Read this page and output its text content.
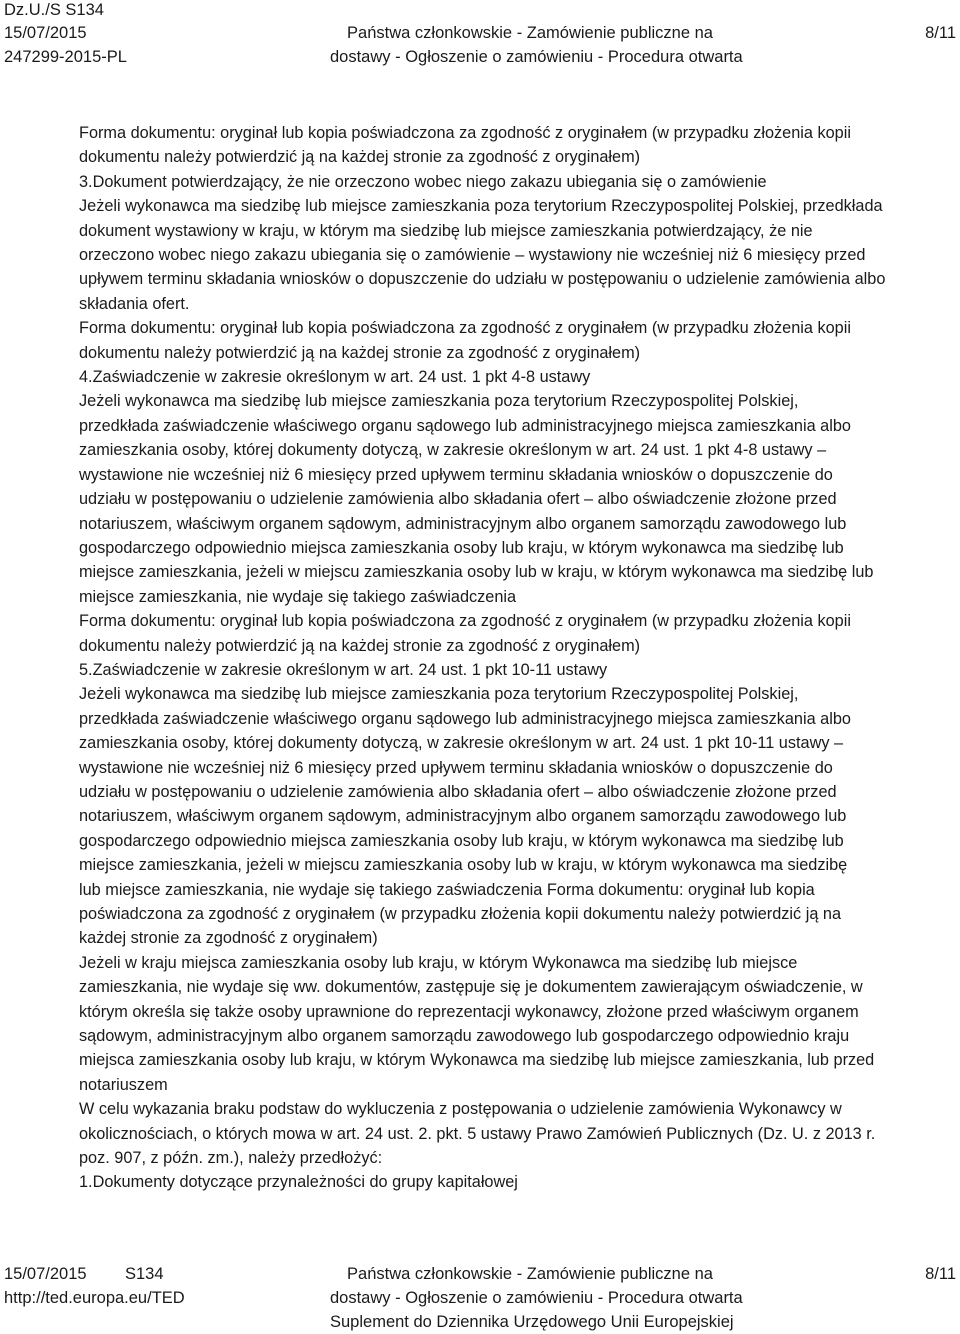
Dz.U./S S134
15/07/2015
247299-2015-PL
Państwa członkowskie - Zamówienie publiczne na
dostawy - Ogłoszenie o zamówieniu - Procedura otwarta
8/11

Forma dokumentu: oryginał lub kopia poświadczona za zgodność z oryginałem (w przypadku złożenia kopii

dokumentu należy potwierdzić ją na każdej stronie za zgodność z oryginałem)

3.Dokument potwierdzający, że nie orzeczono wobec niego zakazu ubiegania się o zamówienie

Jeżeli wykonawca ma siedzibę lub miejsce zamieszkania poza terytorium Rzeczypospolitej Polskiej, przedkłada

dokument wystawiony w kraju, w którym ma siedzibę lub miejsce zamieszkania potwierdzający, że nie

orzeczono wobec niego zakazu ubiegania się o zamówienie – wystawiony nie wcześniej niż 6 miesięcy przed

upływem terminu składania wniosków o dopuszczenie do udziału w postępowaniu o udzielenie zamówienia albo

składania ofert.

Forma dokumentu: oryginał lub kopia poświadczona za zgodność z oryginałem (w przypadku złożenia kopii

dokumentu należy potwierdzić ją na każdej stronie za zgodność z oryginałem)

4.Zaświadczenie w zakresie określonym w art. 24 ust. 1 pkt 4-8 ustawy

Jeżeli wykonawca ma siedzibę lub miejsce zamieszkania poza terytorium Rzeczypospolitej Polskiej,

przedkłada zaświadczenie właściwego organu sądowego lub administracyjnego miejsca zamieszkania albo

zamieszkania osoby, której dokumenty dotyczą, w zakresie określonym w art. 24 ust. 1 pkt 4-8 ustawy –

wystawione nie wcześniej niż 6 miesięcy przed upływem terminu składania wniosków o dopuszczenie do

udziału w postępowaniu o udzielenie zamówienia albo składania ofert – albo oświadczenie złożone przed

notariuszem, właściwym organem sądowym, administracyjnym albo organem samorządu zawodowego lub

gospodarczego odpowiednio miejsca zamieszkania osoby lub kraju, w którym wykonawca ma siedzibę lub

miejsce zamieszkania, jeżeli w miejscu zamieszkania osoby lub w kraju, w którym wykonawca ma siedzibę lub

miejsce zamieszkania, nie wydaje się takiego zaświadczenia

Forma dokumentu: oryginał lub kopia poświadczona za zgodność z oryginałem (w przypadku złożenia kopii

dokumentu należy potwierdzić ją na każdej stronie za zgodność z oryginałem)

5.Zaświadczenie w zakresie określonym w art. 24 ust. 1 pkt 10-11 ustawy

Jeżeli wykonawca ma siedzibę lub miejsce zamieszkania poza terytorium Rzeczypospolitej Polskiej,

przedkłada zaświadczenie właściwego organu sądowego lub administracyjnego miejsca zamieszkania albo

zamieszkania osoby, której dokumenty dotyczą, w zakresie określonym w art. 24 ust. 1 pkt 10-11 ustawy –

wystawione nie wcześniej niż 6 miesięcy przed upływem terminu składania wniosków o dopuszczenie do

udziału w postępowaniu o udzielenie zamówienia albo składania ofert – albo oświadczenie złożone przed

notariuszem, właściwym organem sądowym, administracyjnym albo organem samorządu zawodowego lub

gospodarczego odpowiednio miejsca zamieszkania osoby lub kraju, w którym wykonawca ma siedzibę lub

miejsce zamieszkania, jeżeli w miejscu zamieszkania osoby lub w kraju, w którym wykonawca ma siedzibę

lub miejsce zamieszkania, nie wydaje się takiego zaświadczenia Forma dokumentu: oryginał lub kopia

poświadczona za zgodność z oryginałem (w przypadku złożenia kopii dokumentu należy potwierdzić ją na

każdej stronie za zgodność z oryginałem)

Jeżeli w kraju miejsca zamieszkania osoby lub kraju, w którym Wykonawca ma siedzibę lub miejsce

zamieszkania, nie wydaje się ww. dokumentów, zastępuje się je dokumentem zawierającym oświadczenie, w

którym określa się także osoby uprawnione do reprezentacji wykonawcy, złożone przed właściwym organem

sądowym, administracyjnym albo organem samorządu zawodowego lub gospodarczego odpowiednio kraju

miejsca zamieszkania osoby lub kraju, w którym Wykonawca ma siedzibę lub miejsce zamieszkania, lub przed

notariuszem

W celu wykazania braku podstaw do wykluczenia z postępowania o udzielenie zamówienia Wykonawcy w

okolicznościach, o których mowa w art. 24 ust. 2. pkt. 5 ustawy Prawo Zamówień Publicznych (Dz. U. z 2013 r.

poz. 907, z późn. zm.), należy przedłożyć:

1.Dokumenty dotyczące przynależności do grupy kapitałowej

15/07/2015 S134
http://ted.europa.eu/TED
Państwa członkowskie - Zamówienie publiczne na
dostawy - Ogłoszenie o zamówieniu - Procedura otwarta
Suplement do Dziennika Urzędowego Unii Europejskiej
8/11
